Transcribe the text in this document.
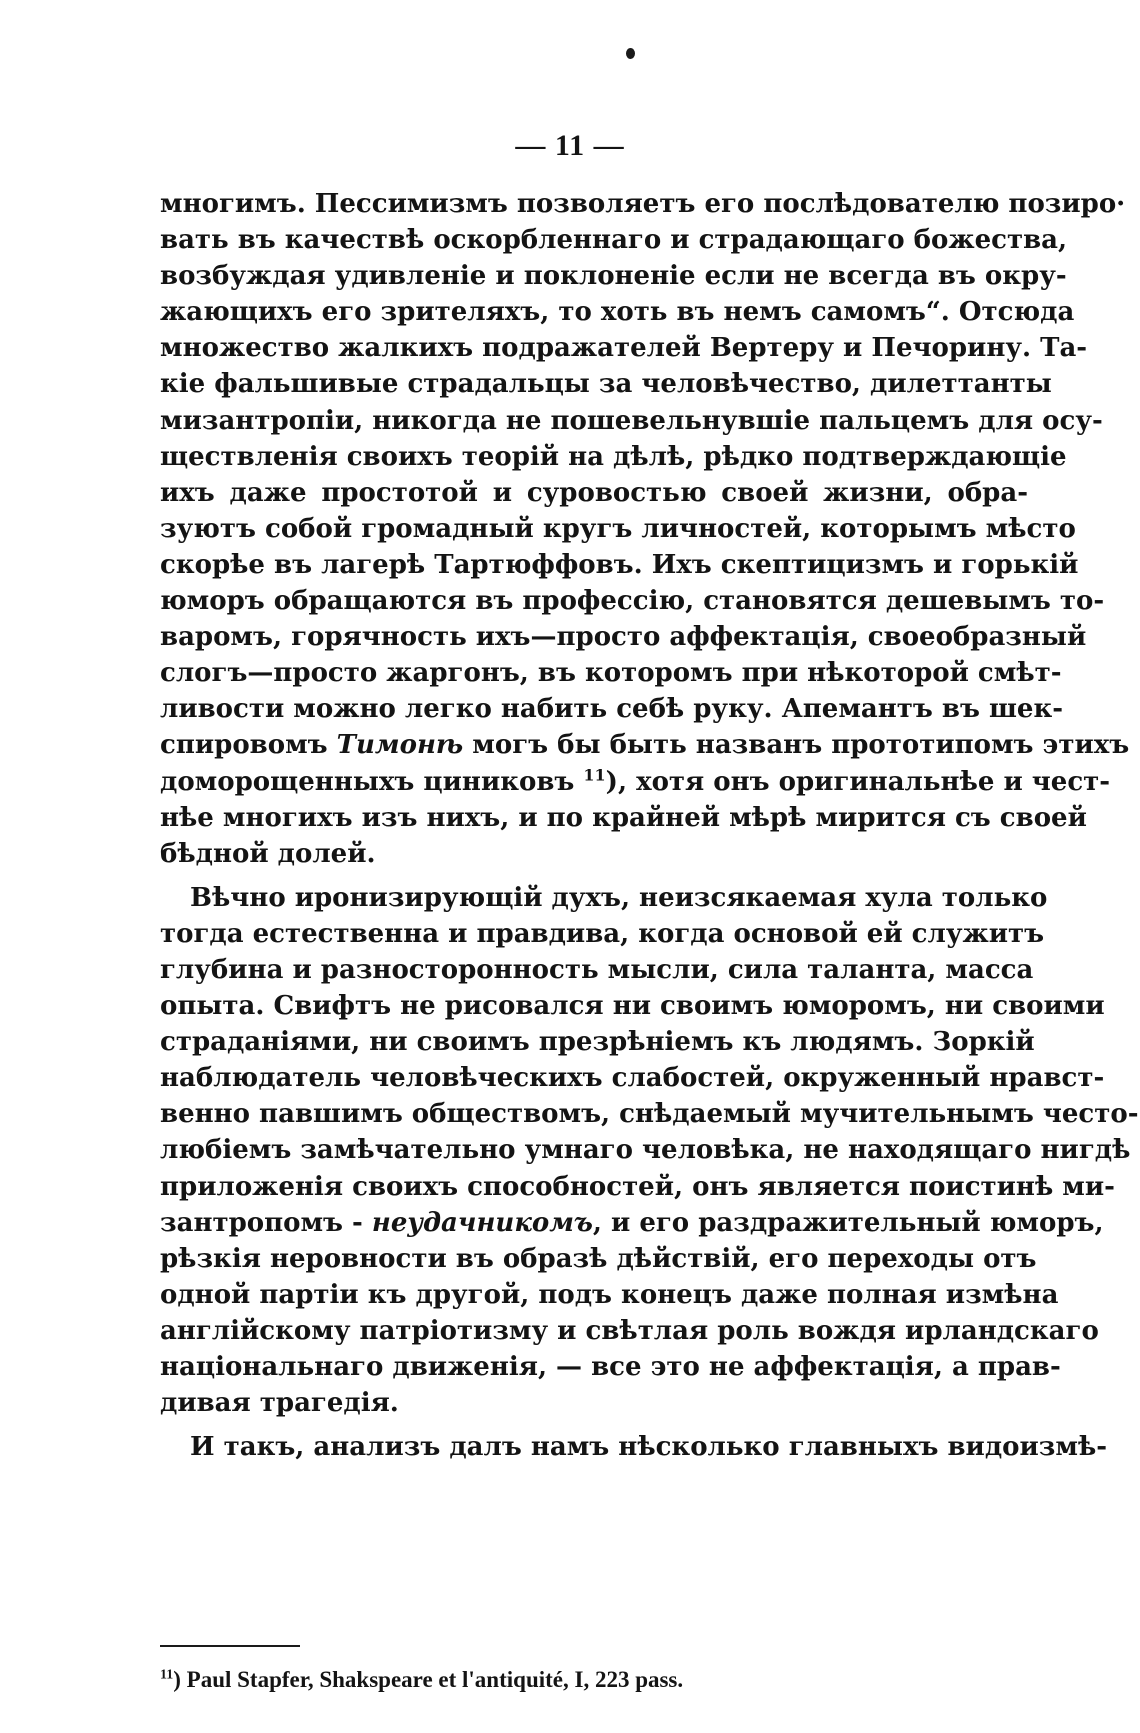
— 11 —
многимъ. Пессимизмъ позволяетъ его послѣдователю позиро·
вать въ качествѣ оскорбленнаго и страдающаго божества,
возбуждая удивленіе и поклоненіе если не всегда въ окру-
жающихъ его зрителяхъ, то хоть въ немъ самомъ“. Отсюда
множество жалкихъ подражателей Вертеру и Печорину. Та-
кіе фальшивые страдальцы за человѣчество, дилеттанты
мизантропіи, никогда не пошевельнувшіе пальцемъ для осу-
ществленія своихъ теорій на дѣлѣ, рѣдко подтверждающіе
ихъ даже простотой и суровостью своей жизни, обра-
зуютъ собой громадный кругъ личностей, которымъ мѣсто
скорѣе въ лагерѣ Тартюффовъ. Ихъ скептицизмъ и горькій
юморъ обращаются въ профессію, становятся дешевымъ то-
варомъ, горячность ихъ—просто аффектація, своеобразный
слогъ—просто жаргонъ, въ которомъ при нѣкоторой смѣт-
ливости можно легко набить себѣ руку. Апемантъ въ шек-
спировомъ Тимонѣ могъ бы быть названъ прототипомъ этихъ
доморощенныхъ циниковъ $^{11}$), хотя онъ оригинальнѣе и чест-
нѣе многихъ изъ нихъ, и по крайней мѣрѣ мирится съ своей
бѣдной долей.
Вѣчно иронизирующій духъ, неизсякаемая хула только
тогда естественна и правдива, когда основой ей служитъ
глубина и разносторонность мысли, сила таланта, масса
опыта. Свифтъ не рисовался ни своимъ юморомъ, ни своими
страданіями, ни своимъ презрѣніемъ къ людямъ. Зоркій
наблюдатель человѣческихъ слабостей, окруженный нравст-
венно павшимъ обществомъ, снѣдаемый мучительнымъ често-
любіемъ замѣчательно умнаго человѣка, не находящаго нигдѣ
приложенія своихъ способностей, онъ является поистинѣ ми-
зантропомъ - неудачникомъ, и его раздражительный юморъ,
рѣзкія неровности въ образѣ дѣйствій, его переходы отъ
одной партіи къ другой, подъ конецъ даже полная измѣна
англійскому патріотизму и свѣтлая роль вождя ирландскаго
національнаго движенія, — все это не аффектація, а прав-
дивая трагедія.
И такъ, анализъ далъ намъ нѣсколько главныхъ видоизмѣ-
$^{11}$) Paul Stapfer, Shakspeare et l'antiquité, I, 223 pass.
